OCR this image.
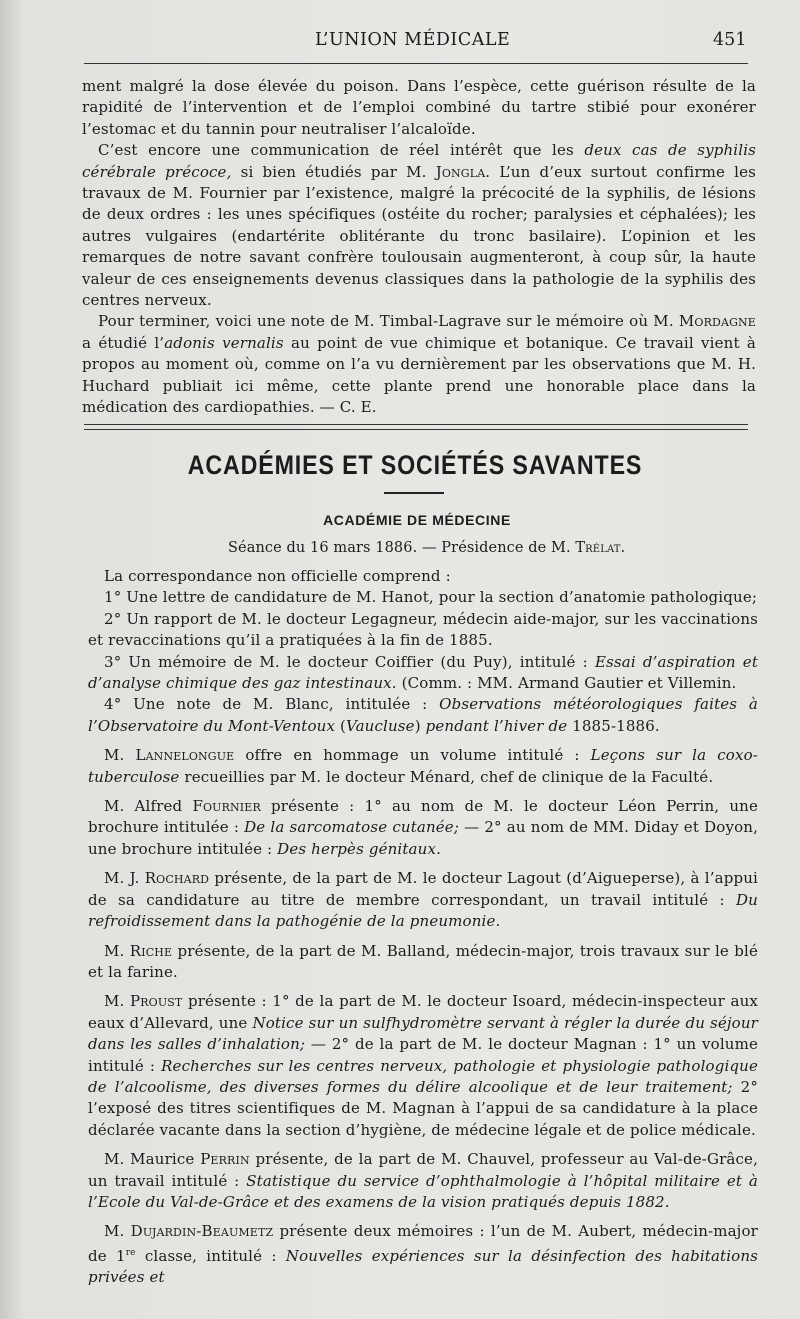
L’UNION MÉDICALE	451

ment malgré la dose élevée du poison. Dans l’espèce, cette guérison résulte de la rapidité de l’intervention et de l’emploi combiné du tartre stibié pour exonérer l’estomac et du tannin pour neutraliser l’alcaloïde.

C’est encore une communication de réel intérêt que les deux cas de syphilis cérébrale précoce, si bien étudiés par M. Jongla. L’un d’eux surtout confirme les travaux de M. Fournier par l’existence, malgré la précocité de la syphilis, de lésions de deux ordres : les unes spécifiques (ostéite du rocher; paralysies et céphalées); les autres vulgaires (endartérite oblitérante du tronc basilaire). L’opinion et les remarques de notre savant confrère toulousain augmenteront, à coup sûr, la haute valeur de ces enseignements devenus classiques dans la pathologie de la syphilis des centres nerveux.

Pour terminer, voici une note de M. Timbal-Lagrave sur le mémoire où M. Mordagne a étudié l’adonis vernalis au point de vue chimique et botanique. Ce travail vient à propos au moment où, comme on l’a vu dernièrement par les observations que M. H. Huchard publiait ici même, cette plante prend une honorable place dans la médication des cardiopathies. — C. E.

ACADÉMIES ET SOCIÉTÉS SAVANTES
ACADÉMIE DE MÉDECINE
Séance du 16 mars 1886. — Présidence de M. Trélat.

La correspondance non officielle comprend :

1° Une lettre de candidature de M. Hanot, pour la section d’anatomie pathologique;

2° Un rapport de M. le docteur Legagneur, médecin aide-major, sur les vaccinations et revaccinations qu’il a pratiquées à la fin de 1885.

3° Un mémoire de M. le docteur Coiffier (du Puy), intitulé : Essai d’aspiration et d’analyse chimique des gaz intestinaux. (Comm. : MM. Armand Gautier et Villemin.

4° Une note de M. Blanc, intitulée : Observations météorologiques faites à l’Observatoire du Mont-Ventoux (Vaucluse) pendant l’hiver de 1885-1886.

M. Lannelongue offre en hommage un volume intitulé : Leçons sur la coxo-tuberculose recueillies par M. le docteur Ménard, chef de clinique de la Faculté.

M. Alfred Fournier présente : 1° au nom de M. le docteur Léon Perrin, une brochure intitulée : De la sarcomatose cutanée; — 2° au nom de MM. Diday et Doyon, une brochure intitulée : Des herpès génitaux.

M. J. Rochard présente, de la part de M. le docteur Lagout (d’Aigueperse), à l’appui de sa candidature au titre de membre correspondant, un travail intitulé : Du refroidissement dans la pathogénie de la pneumonie.

M. Riche présente, de la part de M. Balland, médecin-major, trois travaux sur le blé et la farine.

M. Proust présente : 1° de la part de M. le docteur Isoard, médecin-inspecteur aux eaux d’Allevard, une Notice sur un sulfhydromètre servant à régler la durée du séjour dans les salles d’inhalation; — 2° de la part de M. le docteur Magnan : 1° un volume intitulé : Recherches sur les centres nerveux, pathologie et physiologie pathologique de l’alcoolisme, des diverses formes du délire alcoolique et de leur traitement; 2° l’exposé des titres scientifiques de M. Magnan à l’appui de sa candidature à la place déclarée vacante dans la section d’hygiène, de médecine légale et de police médicale.

M. Maurice Perrin présente, de la part de M. Chauvel, professeur au Val-de-Grâce, un travail intitulé : Statistique du service d’ophthalmologie à l’hôpital militaire et à l’Ecole du Val-de-Grâce et des examens de la vision pratiqués depuis 1882.

M. Dujardin-Beaumetz présente deux mémoires : l’un de M. Aubert, médecin-major de 1re classe, intitulé : Nouvelles expériences sur la désinfection des habitations privées et
